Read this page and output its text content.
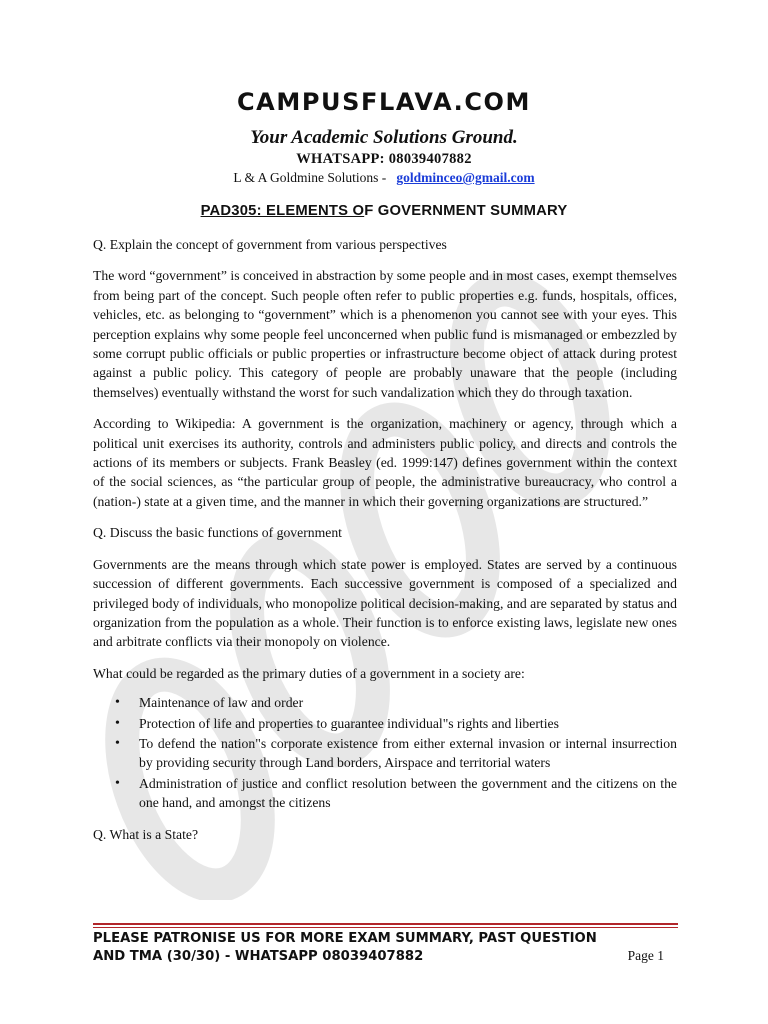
CAMPUSFLAVA.COM
Your Academic Solutions Ground.
WHATSAPP: 08039407882
L & A Goldmine Solutions - goldminceo@gmail.com
PAD305: ELEMENTS OF GOVERNMENT SUMMARY

Q. Explain the concept of government from various perspectives

The word “government” is conceived in abstraction by some people and in most cases, exempt themselves from being part of the concept. Such people often refer to public properties e.g. funds, hospitals, offices, vehicles, etc. as belonging to “government” which is a phenomenon you cannot see with your eyes. This perception explains why some people feel unconcerned when public fund is mismanaged or embezzled by some corrupt public officials or public properties or infrastructure become object of attack during protest against a public policy. This category of people are probably unaware that the people (including themselves) eventually withstand the worst for such vandalization which they do through taxation.

According to Wikipedia: A government is the organization, machinery or agency, through which a political unit exercises its authority, controls and administers public policy, and directs and controls the actions of its members or subjects. Frank Beasley (ed. 1999:147) defines government within the context of the social sciences, as “the particular group of people, the administrative bureaucracy, who control a (nation-) state at a given time, and the manner in which their governing organizations are structured.”

Q. Discuss the basic functions of government

Governments are the means through which state power is employed. States are served by a continuous succession of different governments. Each successive government is composed of a specialized and privileged body of individuals, who monopolize political decision-making, and are separated by status and organization from the population as a whole. Their function is to enforce existing laws, legislate new ones and arbitrate conflicts via their monopoly on violence.

What could be regarded as the primary duties of a government in a society are:

• Maintenance of law and order
• Protection of life and properties to guarantee individual"s rights and liberties
• To defend the nation"s corporate existence from either external invasion or internal insurrection by providing security through Land borders, Airspace and territorial waters
• Administration of justice and conflict resolution between the government and the citizens on the one hand, and amongst the citizens

Q. What is a State?

PLEASE PATRONISE US FOR MORE EXAM SUMMARY, PAST QUESTION
AND TMA (30/30) - WHATSAPP 08039407882	Page 1
